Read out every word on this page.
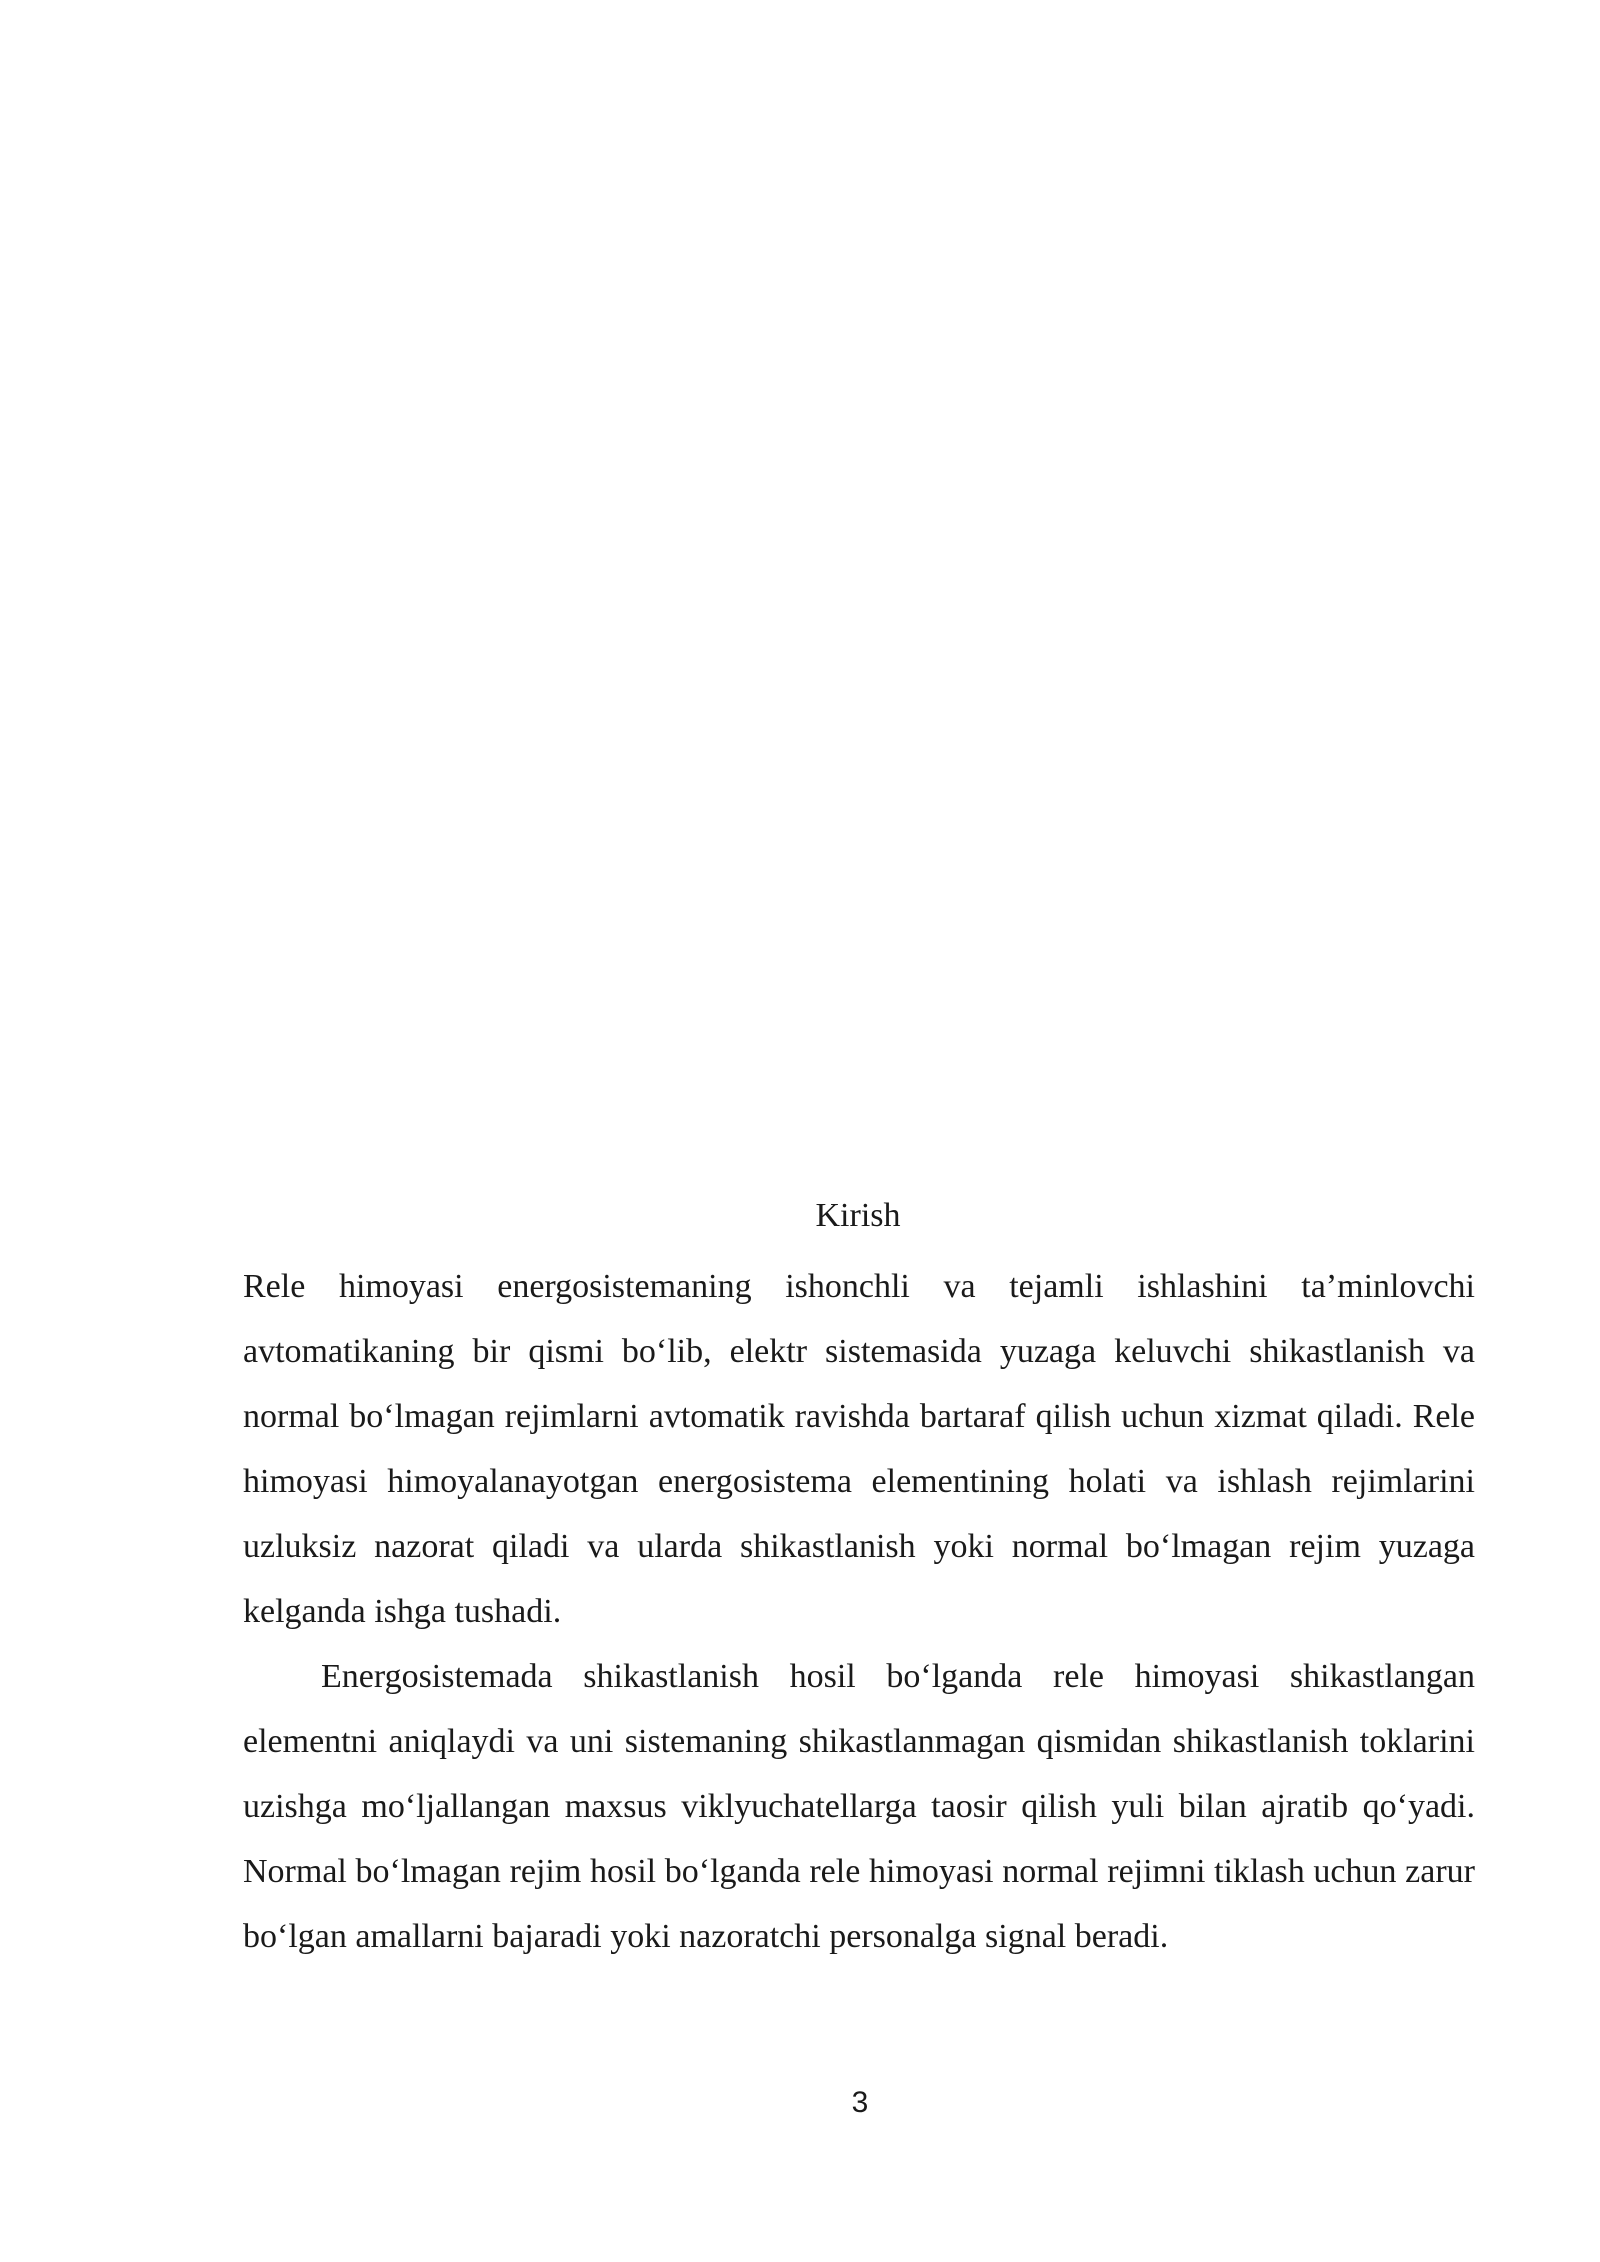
Kirish

Rele himoyasi energosistemaning ishonchli va tejamli ishlashini ta’minlovchi avtomatikaning bir qismi bo‘lib, elektr sistemasida yuzaga keluvchi shikastlanish va normal bo‘lmagan rejimlarni avtomatik ravishda bartaraf qilish uchun xizmat qiladi. Rele himoyasi himoyalanayotgan energosistema elementining holati va ishlash rejimlarini uzluksiz nazorat qiladi va ularda shikastlanish yoki normal bo‘lmagan rejim yuzaga kelganda ishga tushadi.

Energosistemada shikastlanish hosil bo‘lganda rele himoyasi shikastlangan elementni aniqlaydi va uni sistemaning shikastlanmagan qismidan shikastlanish toklarini uzishga mo‘ljallangan maxsus viklyuchatellarga taosir qilish yuli bilan ajratib qo‘yadi. Normal bo‘lmagan rejim hosil bo‘lganda rele himoyasi normal rejimni tiklash uchun zarur bo‘lgan amallarni bajaradi yoki nazoratchi personalga signal beradi.

3
